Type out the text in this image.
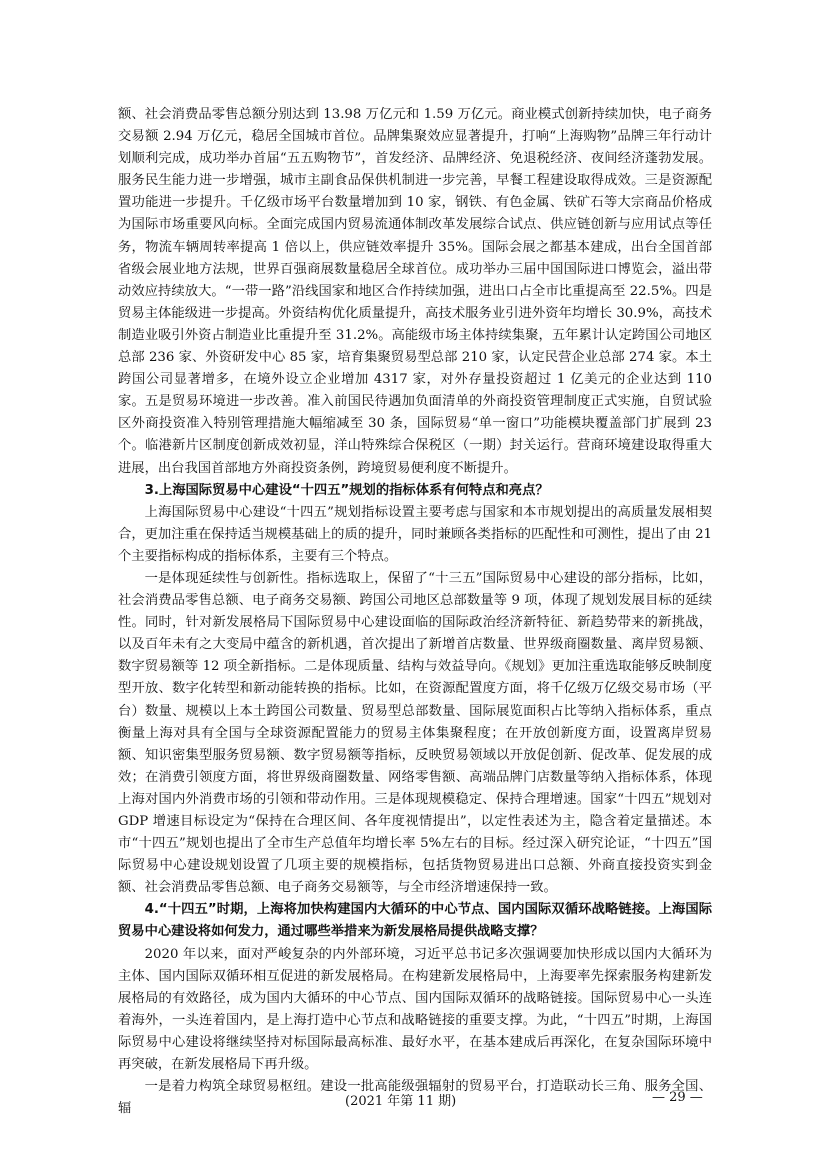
额、社会消费品零售总额分别达到 13.98 万亿元和 1.59 万亿元。商业模式创新持续加快，电子商务交易额 2.94 万亿元，稳居全国城市首位。品牌集聚效应显著提升，打响“上海购物”品牌三年行动计划顺利完成，成功举办首届“五五购物节”，首发经济、品牌经济、免退税经济、夜间经济蓬勃发展。服务民生能力进一步增强，城市主副食品保供机制进一步完善，早餐工程建设取得成效。三是资源配置功能进一步提升。千亿级市场平台数量增加到 10 家，钢铁、有色金属、铁矿石等大宗商品价格成为国际市场重要风向标。全面完成国内贸易流通体制改革发展综合试点、供应链创新与应用试点等任务，物流车辆周转率提高 1 倍以上，供应链效率提升 35%。国际会展之都基本建成，出台全国首部省级会展业地方法规，世界百强商展数量稳居全球首位。成功举办三届中国国际进口博览会，溢出带动效应持续放大。“一带一路”沿线国家和地区合作持续加强，进出口占全市比重提高至 22.5%。四是贸易主体能级进一步提高。外资结构优化质量提升，高技术服务业引进外资年均增长 30.9%，高技术制造业吸引外资占制造业比重提升至 31.2%。高能级市场主体持续集聚，五年累计认定跨国公司地区总部 236 家、外资研发中心 85 家，培育集聚贸易型总部 210 家，认定民营企业总部 274 家。本土跨国公司显著增多，在境外设立企业增加 4317 家，对外存量投资超过 1 亿美元的企业达到 110 家。五是贸易环境进一步改善。准入前国民待遇加负面清单的外商投资管理制度正式实施，自贸试验区外商投资准入特别管理措施大幅缩减至 30 条，国际贸易“单一窗口”功能模块覆盖部门扩展到 23 个。临港新片区制度创新成效初显，洋山特殊综合保税区（一期）封关运行。营商环境建设取得重大进展，出台我国首部地方外商投资条例，跨境贸易便利度不断提升。

3.上海国际贸易中心建设“十四五”规划的指标体系有何特点和亮点？

上海国际贸易中心建设“十四五”规划指标设置主要考虑与国家和本市规划提出的高质量发展相契合，更加注重在保持适当规模基础上的质的提升，同时兼顾各类指标的匹配性和可测性，提出了由 21 个主要指标构成的指标体系，主要有三个特点。

一是体现延续性与创新性。指标选取上，保留了“十三五”国际贸易中心建设的部分指标，比如，社会消费品零售总额、电子商务交易额、跨国公司地区总部数量等 9 项，体现了规划发展目标的延续性。同时，针对新发展格局下国际贸易中心建设面临的国际政治经济新特征、新趋势带来的新挑战，以及百年未有之大变局中蕴含的新机遇，首次提出了新增首店数量、世界级商圈数量、离岸贸易额、数字贸易额等 12 项全新指标。二是体现质量、结构与效益导向。《规划》更加注重选取能够反映制度型开放、数字化转型和新动能转换的指标。比如，在资源配置度方面，将千亿级万亿级交易市场（平台）数量、规模以上本土跨国公司数量、贸易型总部数量、国际展览面积占比等纳入指标体系，重点衡量上海对具有全国与全球资源配置能力的贸易主体集聚程度；在开放创新度方面，设置离岸贸易额、知识密集型服务贸易额、数字贸易额等指标，反映贸易领域以开放促创新、促改革、促发展的成效；在消费引领度方面，将世界级商圈数量、网络零售额、高端品牌门店数量等纳入指标体系，体现上海对国内外消费市场的引领和带动作用。三是体现规模稳定、保持合理增速。国家“十四五”规划对 GDP 增速目标设定为“保持在合理区间、各年度视情提出”，以定性表述为主，隐含着定量描述。本市“十四五”规划也提出了全市生产总值年均增长率 5%左右的目标。经过深入研究论证，“十四五”国际贸易中心建设规划设置了几项主要的规模指标，包括货物贸易进出口总额、外商直接投资实到金额、社会消费品零售总额、电子商务交易额等，与全市经济增速保持一致。

4.“十四五”时期，上海将加快构建国内大循环的中心节点、国内国际双循环战略链接。上海国际贸易中心建设将如何发力，通过哪些举措来为新发展格局提供战略支撑？

2020 年以来，面对严峻复杂的内外部环境，习近平总书记多次强调要加快形成以国内大循环为主体、国内国际双循环相互促进的新发展格局。在构建新发展格局中，上海要率先探索服务构建新发展格局的有效路径，成为国内大循环的中心节点、国内国际双循环的战略链接。国际贸易中心一头连着海外，一头连着国内，是上海打造中心节点和战略链接的重要支撑。为此，“十四五”时期，上海国际贸易中心建设将继续坚持对标国际最高标准、最好水平，在基本建成后再深化，在复杂国际环境中再突破，在新发展格局下再升级。

一是着力构筑全球贸易枢纽。建设一批高能级强辐射的贸易平台，打造联动长三角、服务全国、辐	(2021 年第 11 期)	— 29 —
